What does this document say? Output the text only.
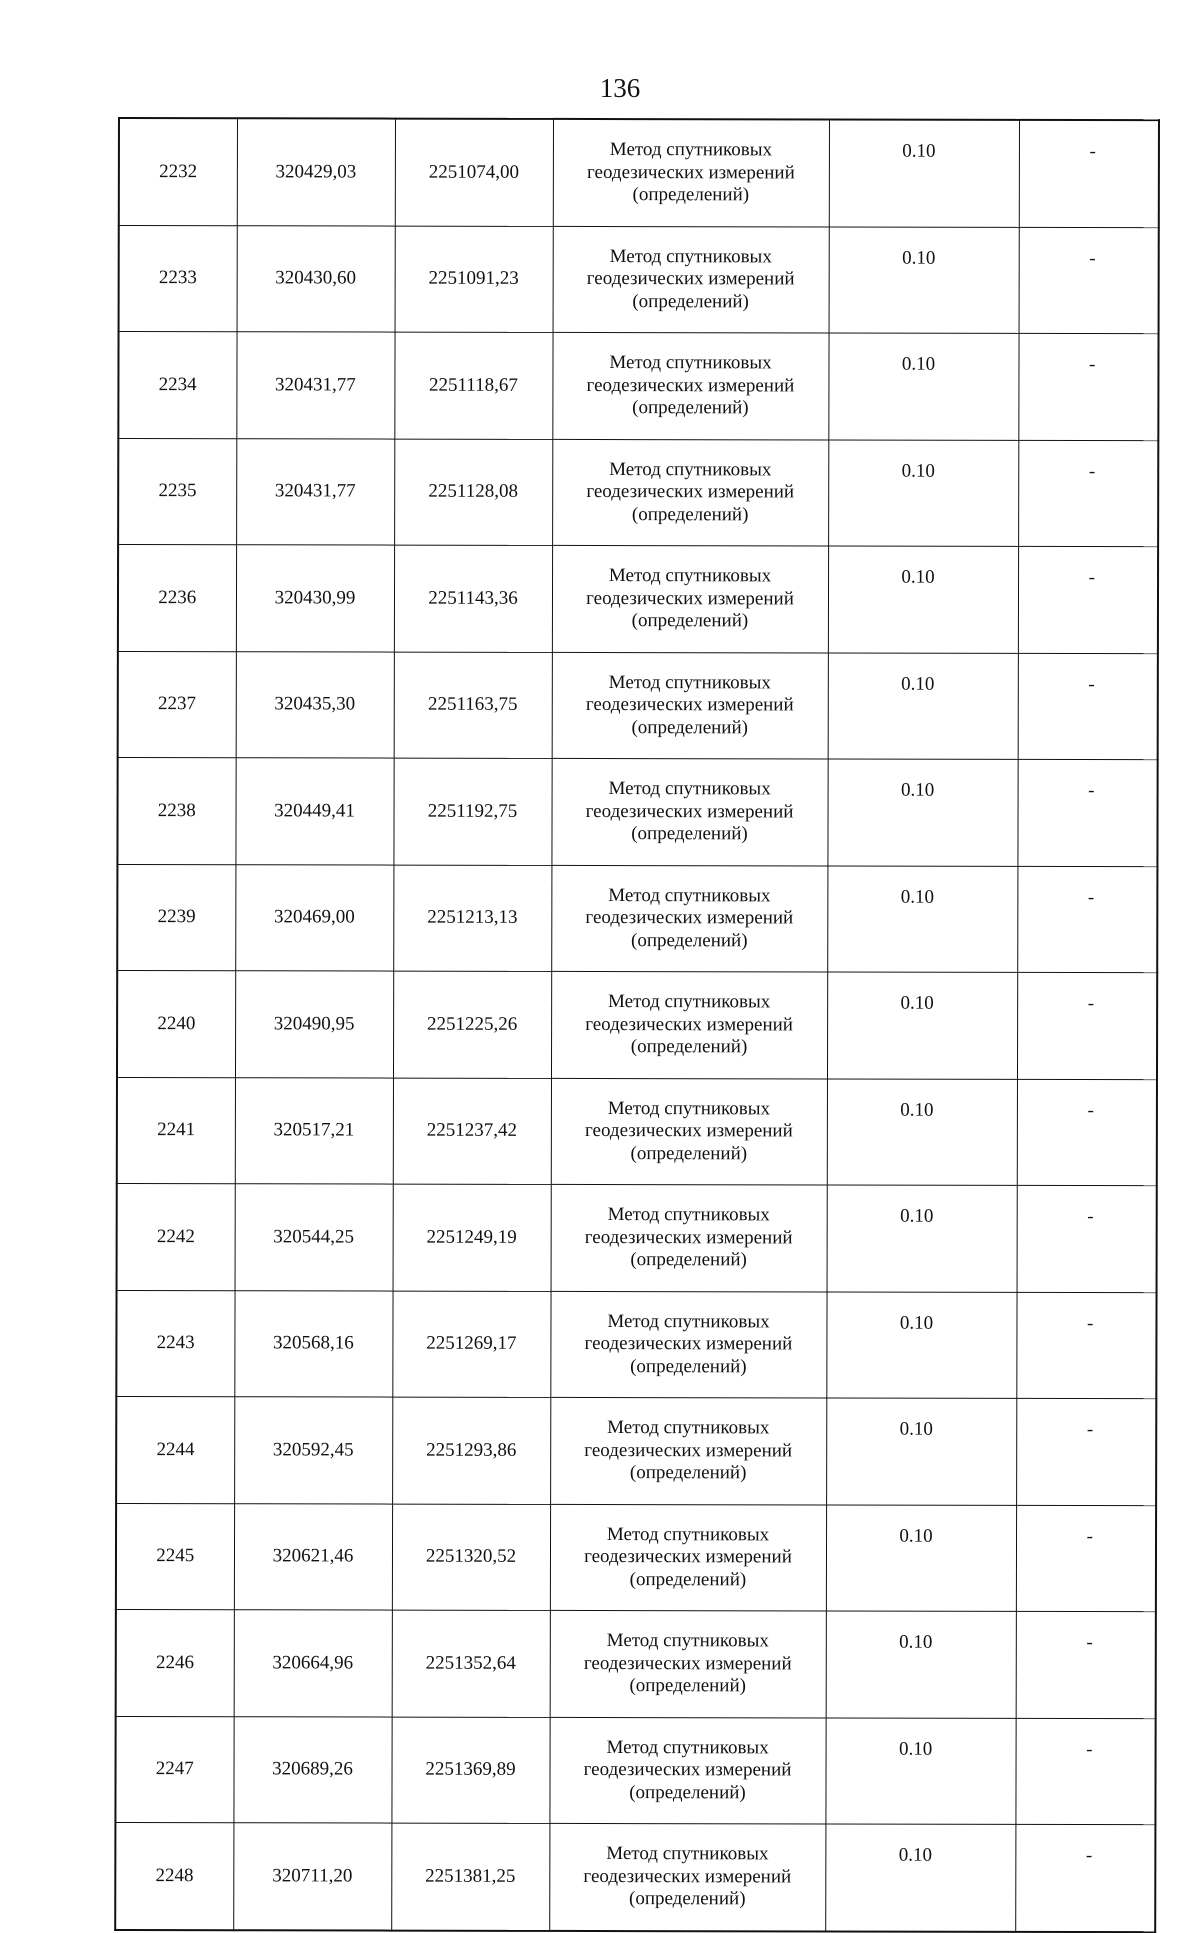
136
2232	320429,03	2251074,00	Метод спутниковых
геодезических измерений
(определений)	0.10	-
2233	320430,60	2251091,23	Метод спутниковых
геодезических измерений
(определений)	0.10	-
2234	320431,77	2251118,67	Метод спутниковых
геодезических измерений
(определений)	0.10	-
2235	320431,77	2251128,08	Метод спутниковых
геодезических измерений
(определений)	0.10	-
2236	320430,99	2251143,36	Метод спутниковых
геодезических измерений
(определений)	0.10	-
2237	320435,30	2251163,75	Метод спутниковых
геодезических измерений
(определений)	0.10	-
2238	320449,41	2251192,75	Метод спутниковых
геодезических измерений
(определений)	0.10	-
2239	320469,00	2251213,13	Метод спутниковых
геодезических измерений
(определений)	0.10	-
2240	320490,95	2251225,26	Метод спутниковых
геодезических измерений
(определений)	0.10	-
2241	320517,21	2251237,42	Метод спутниковых
геодезических измерений
(определений)	0.10	-
2242	320544,25	2251249,19	Метод спутниковых
геодезических измерений
(определений)	0.10	-
2243	320568,16	2251269,17	Метод спутниковых
геодезических измерений
(определений)	0.10	-
2244	320592,45	2251293,86	Метод спутниковых
геодезических измерений
(определений)	0.10	-
2245	320621,46	2251320,52	Метод спутниковых
геодезических измерений
(определений)	0.10	-
2246	320664,96	2251352,64	Метод спутниковых
геодезических измерений
(определений)	0.10	-
2247	320689,26	2251369,89	Метод спутниковых
геодезических измерений
(определений)	0.10	-
2248	320711,20	2251381,25	Метод спутниковых
геодезических измерений
(определений)	0.10	-
